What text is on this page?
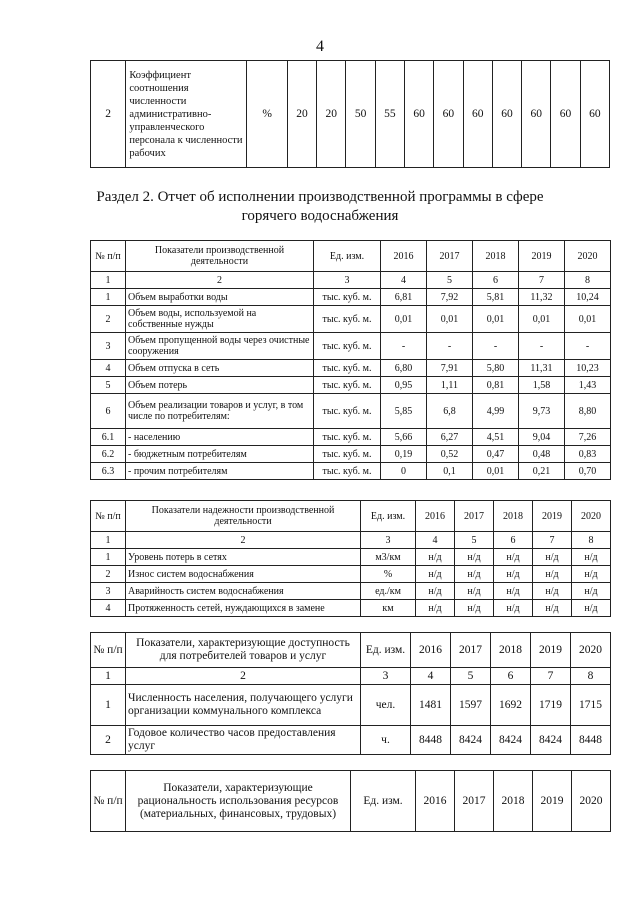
4
2	Коэффициент соотношения численности административно-управленческого персонала к численности рабочих	%	20	20	50	55	60	60	60	60	60	60	60
Раздел 2. Отчет об исполнении производственной программы в сфере
горячего водоснабжения
№ п/п	Показатели производственной деятельности	Ед. изм.	2016	2017	2018	2019	2020
1	2	3	4	5	6	7	8
1	Объем выработки воды	тыс. куб. м.	6,81	7,92	5,81	11,32	10,24
2	Объем воды, используемой на собственные нужды	тыс. куб. м.	0,01	0,01	0,01	0,01	0,01
3	Объем пропущенной воды через очистные сооружения	тыс. куб. м.	-	-	-	-	-
4	Объем отпуска в сеть	тыс. куб. м.	6,80	7,91	5,80	11,31	10,23
5	Объем потерь	тыс. куб. м.	0,95	1,11	0,81	1,58	1,43
6	Объем реализации товаров и услуг, в том числе по потребителям:	тыс. куб. м.	5,85	6,8	4,99	9,73	8,80
6.1	- населению	тыс. куб. м.	5,66	6,27	4,51	9,04	7,26
6.2	- бюджетным потребителям	тыс. куб. м.	0,19	0,52	0,47	0,48	0,83
6.3	- прочим потребителям	тыс. куб. м.	0	0,1	0,01	0,21	0,70
№ п/п	Показатели надежности производственной деятельности	Ед. изм.	2016	2017	2018	2019	2020
1	2	3	4	5	6	7	8
1	Уровень потерь в сетях	м3/км	н/д	н/д	н/д	н/д	н/д
2	Износ систем водоснабжения	%	н/д	н/д	н/д	н/д	н/д
3	Аварийность систем водоснабжения	ед./км	н/д	н/д	н/д	н/д	н/д
4	Протяженность сетей, нуждающихся в замене	км	н/д	н/д	н/д	н/д	н/д
№ п/п	Показатели, характеризующие доступность для потребителей товаров и услуг	Ед. изм.	2016	2017	2018	2019	2020
1	2	3	4	5	6	7	8
1	Численность населения, получающего услуги организации коммунального комплекса	чел.	1481	1597	1692	1719	1715
2	Годовое количество часов предоставления услуг	ч.	8448	8424	8424	8424	8448
№ п/п	Показатели, характеризующие рациональность использования ресурсов (материальных, финансовых, трудовых)	Ед. изм.	2016	2017	2018	2019	2020
